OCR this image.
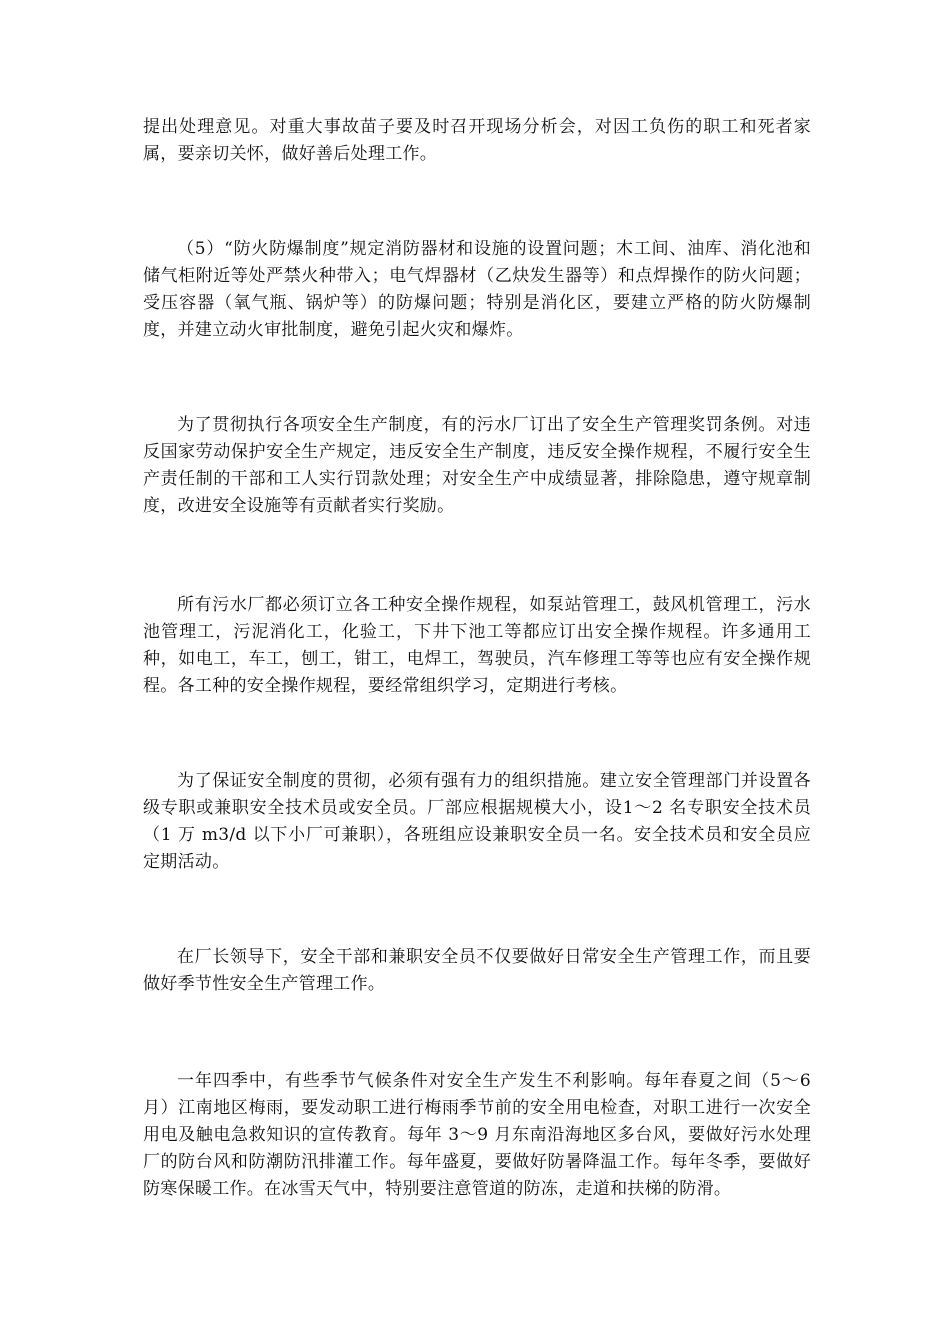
提出处理意见。对重大事故苗子要及时召开现场分析会，对因工负伤的职工和死者家属，要亲切关怀，做好善后处理工作。

（5）“防火防爆制度”规定消防器材和设施的设置问题；木工间、油库、消化池和储气柜附近等处严禁火种带入；电气焊器材（乙炔发生器等）和点焊操作的防火问题；受压容器（氧气瓶、锅炉等）的防爆问题；特别是消化区，要建立严格的防火防爆制度，并建立动火审批制度，避免引起火灾和爆炸。

为了贯彻执行各项安全生产制度，有的污水厂订出了安全生产管理奖罚条例。对违反国家劳动保护安全生产规定，违反安全生产制度，违反安全操作规程，不履行安全生产责任制的干部和工人实行罚款处理；对安全生产中成绩显著，排除隐患，遵守规章制度，改进安全设施等有贡献者实行奖励。

所有污水厂都必须订立各工种安全操作规程，如泵站管理工，鼓风机管理工，污水池管理工，污泥消化工，化验工，下井下池工等都应订出安全操作规程。许多通用工种，如电工，车工，刨工，钳工，电焊工，驾驶员，汽车修理工等等也应有安全操作规程。各工种的安全操作规程，要经常组织学习，定期进行考核。

为了保证安全制度的贯彻，必须有强有力的组织措施。建立安全管理部门并设置各级专职或兼职安全技术员或安全员。厂部应根据规模大小，设1～2 名专职安全技术员（1 万 m3/d 以下小厂可兼职），各班组应设兼职安全员一名。安全技术员和安全员应定期活动。

在厂长领导下，安全干部和兼职安全员不仅要做好日常安全生产管理工作，而且要做好季节性安全生产管理工作。

一年四季中，有些季节气候条件对安全生产发生不利影响。每年春夏之间（5～6 月）江南地区梅雨，要发动职工进行梅雨季节前的安全用电检查，对职工进行一次安全用电及触电急救知识的宣传教育。每年 3～9 月东南沿海地区多台风，要做好污水处理厂的防台风和防潮防汛排灌工作。每年盛夏，要做好防暑降温工作。每年冬季，要做好防寒保暖工作。在冰雪天气中，特别要注意管道的防冻，走道和扶梯的防滑。
